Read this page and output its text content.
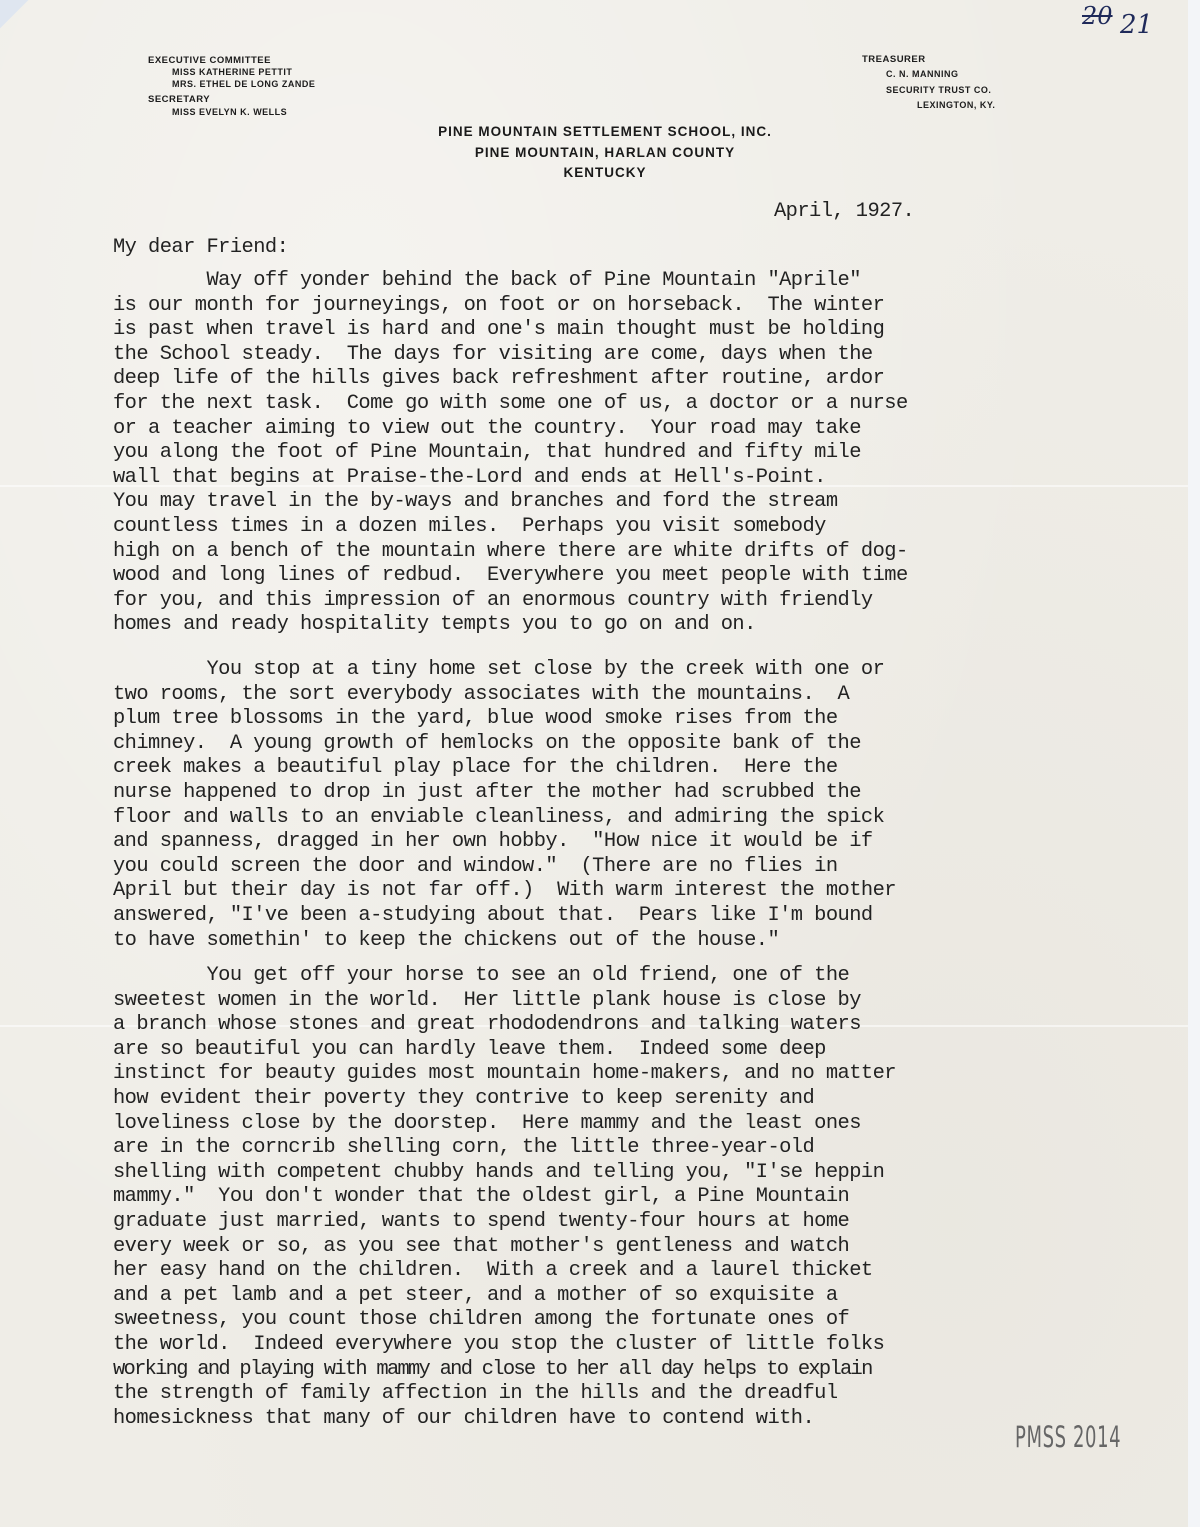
20 21
EXECUTIVE COMMITTEE
MISS KATHERINE PETTIT
MRS. ETHEL DE LONG ZANDE
SECRETARY
MISS EVELYN K. WELLS
TREASURER
C. N. MANNING
SECURITY TRUST CO.
LEXINGTON, KY.
PINE MOUNTAIN SETTLEMENT SCHOOL, INC.
PINE MOUNTAIN, HARLAN COUNTY
KENTUCKY
April, 1927.
My dear Friend:
Way off yonder behind the back of Pine Mountain "Aprile"
is our month for journeyings, on foot or on horseback.  The winter
is past when travel is hard and one's main thought must be holding
the School steady.  The days for visiting are come, days when the
deep life of the hills gives back refreshment after routine, ardor
for the next task.  Come go with some one of us, a doctor or a nurse
or a teacher aiming to view out the country.  Your road may take
you along the foot of Pine Mountain, that hundred and fifty mile
wall that begins at Praise-the-Lord and ends at Hell's-Point.
You may travel in the by-ways and branches and ford the stream
countless times in a dozen miles.  Perhaps you visit somebody
high on a bench of the mountain where there are white drifts of dog-
wood and long lines of redbud.  Everywhere you meet people with time
for you, and this impression of an enormous country with friendly
homes and ready hospitality tempts you to go on and on.
You stop at a tiny home set close by the creek with one or
two rooms, the sort everybody associates with the mountains.  A
plum tree blossoms in the yard, blue wood smoke rises from the
chimney.  A young growth of hemlocks on the opposite bank of the
creek makes a beautiful play place for the children.  Here the
nurse happened to drop in just after the mother had scrubbed the
floor and walls to an enviable cleanliness, and admiring the spick
and spanness, dragged in her own hobby.  "How nice it would be if
you could screen the door and window."  (There are no flies in
April but their day is not far off.)  With warm interest the mother
answered, "I've been a-studying about that.  Pears like I'm bound
to have somethin' to keep the chickens out of the house."
You get off your horse to see an old friend, one of the
sweetest women in the world.  Her little plank house is close by
a branch whose stones and great rhododendrons and talking waters
are so beautiful you can hardly leave them.  Indeed some deep
instinct for beauty guides most mountain home-makers, and no matter
how evident their poverty they contrive to keep serenity and
loveliness close by the doorstep.  Here mammy and the least ones
are in the corncrib shelling corn, the little three-year-old
shelling with competent chubby hands and telling you, "I'se heppin
mammy."  You don't wonder that the oldest girl, a Pine Mountain
graduate just married, wants to spend twenty-four hours at home
every week or so, as you see that mother's gentleness and watch
her easy hand on the children.  With a creek and a laurel thicket
and a pet lamb and a pet steer, and a mother of so exquisite a
sweetness, you count those children among the fortunate ones of
the world.  Indeed everywhere you stop the cluster of little folks
working and playing with mammy and close to her all day helps to explain
the strength of family affection in the hills and the dreadful
homesickness that many of our children have to contend with.
PMSS 2014
